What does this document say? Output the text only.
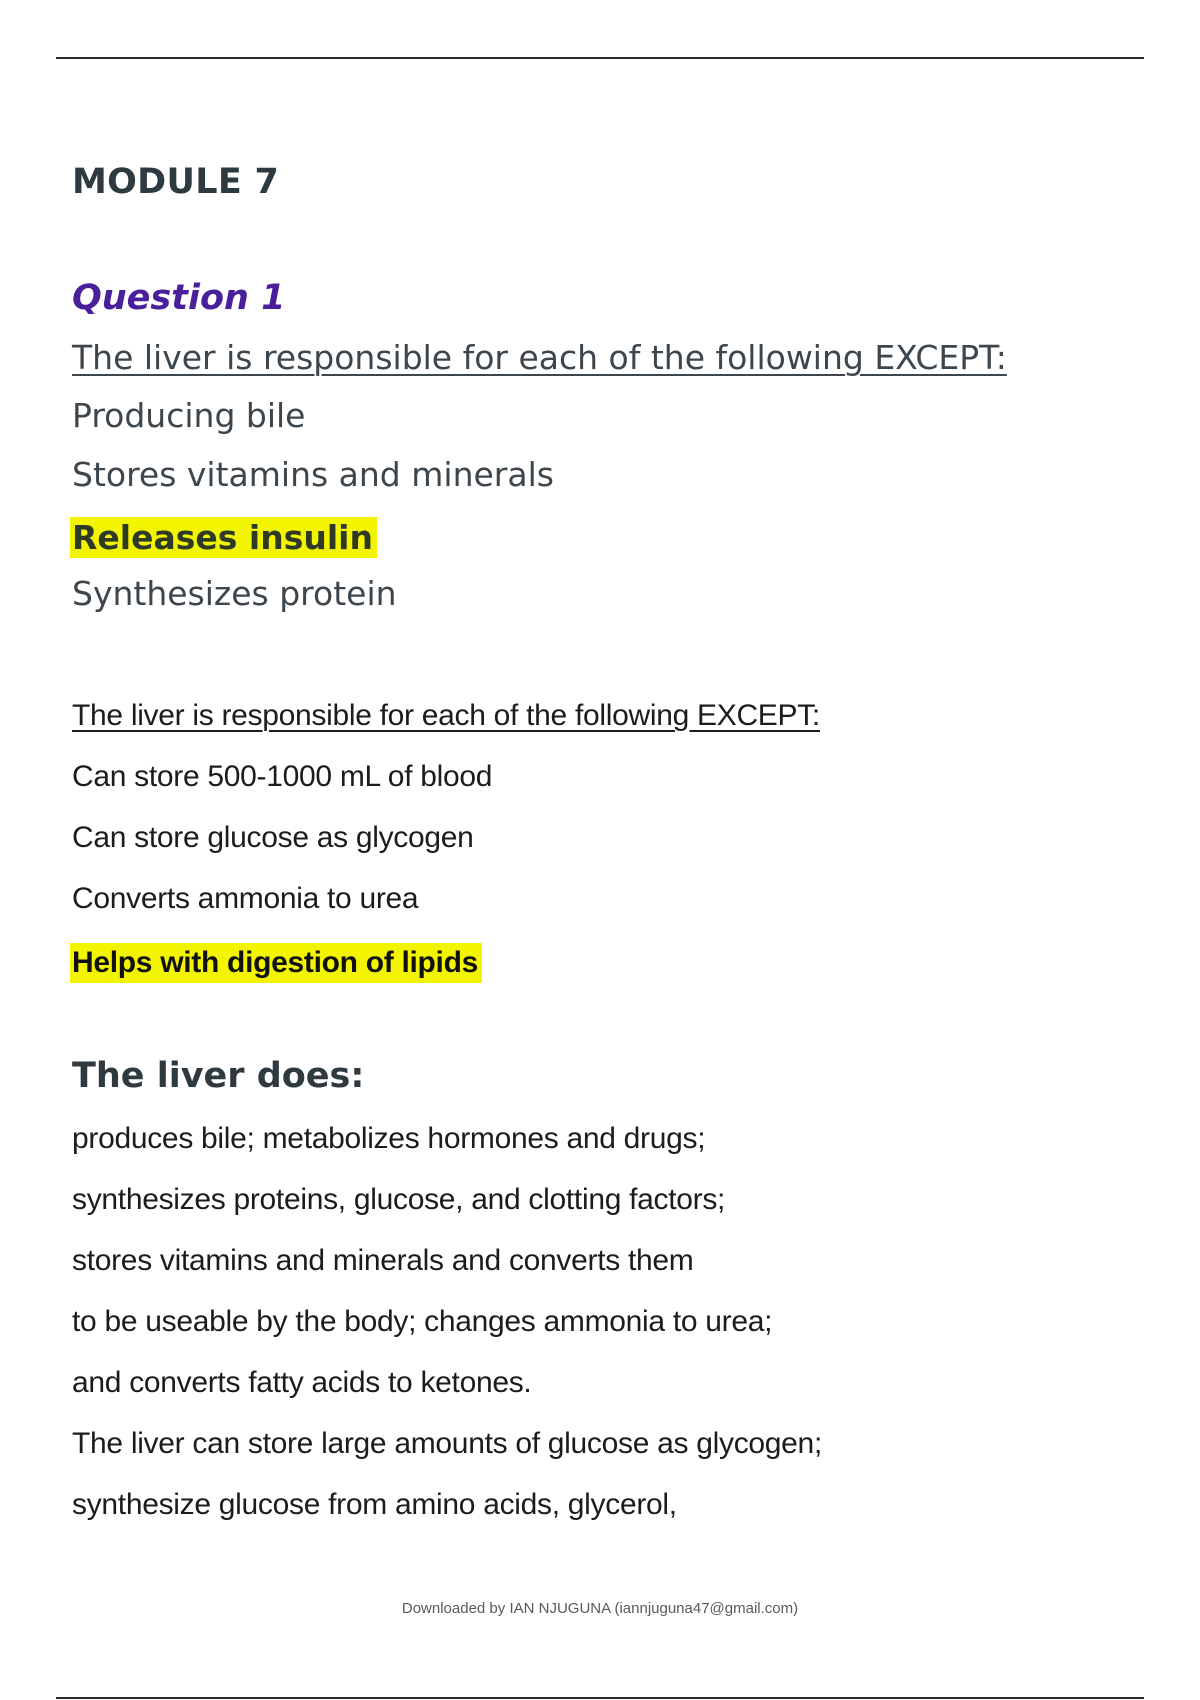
MODULE 7
Question 1

The liver is responsible for each of the following EXCEPT:

Producing bile

Stores vitamins and minerals

Releases insulin

Synthesizes protein

The liver is responsible for each of the following EXCEPT:

Can store 500-1000 mL of blood

Can store glucose as glycogen

Converts ammonia to urea

Helps with digestion of lipids

The liver does:

produces bile; metabolizes hormones and drugs;

synthesizes proteins, glucose, and clotting factors;

stores vitamins and minerals and converts them

to be useable by the body; changes ammonia to urea;

and converts fatty acids to ketones.

The liver can store large amounts of glucose as glycogen;

synthesize glucose from amino acids, glycerol,

Downloaded by IAN NJUGUNA (iannjuguna47@gmail.com)
